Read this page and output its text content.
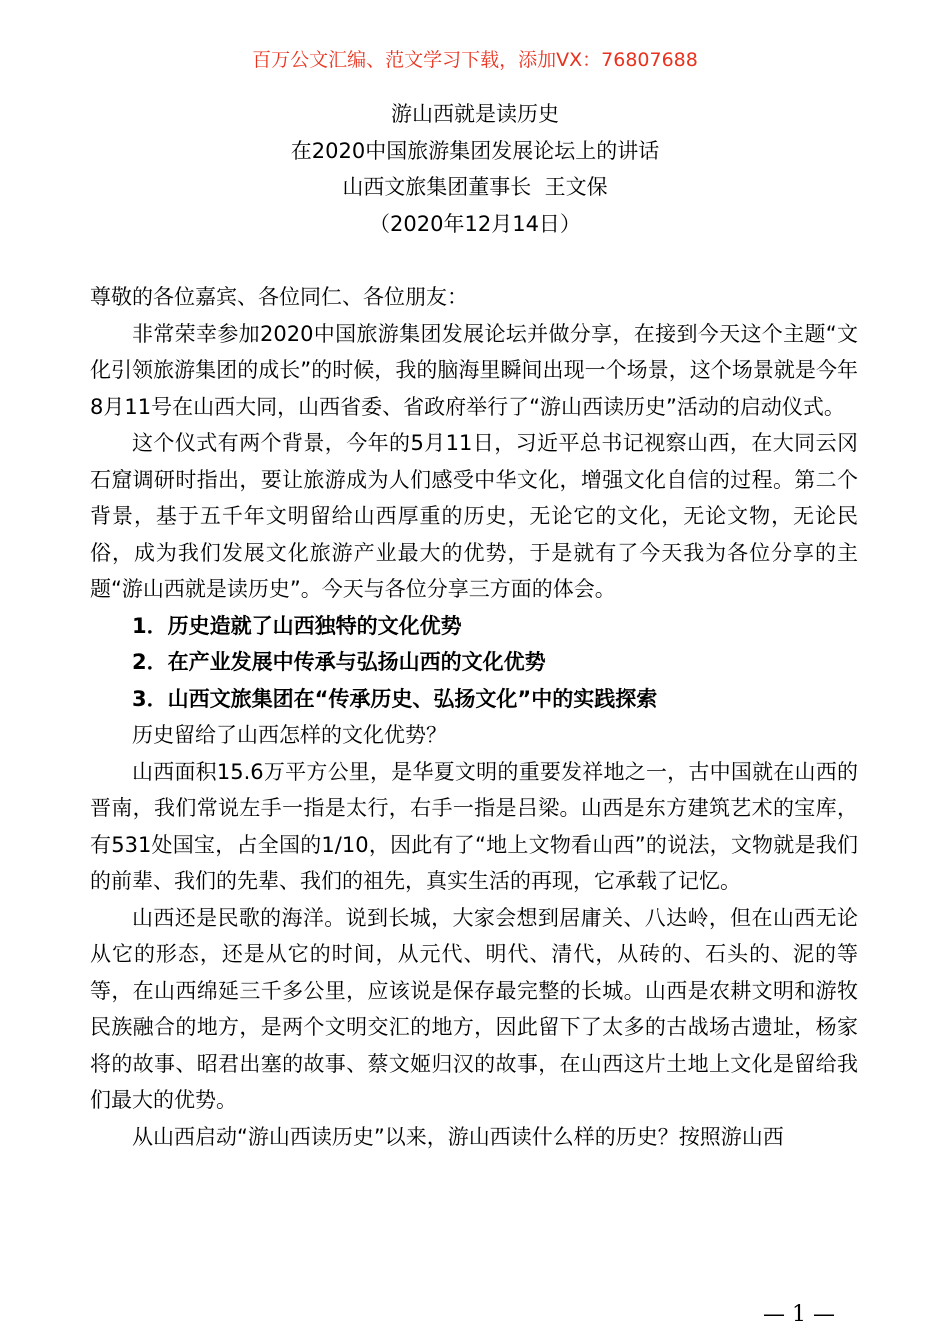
百万公文汇编、范文学习下载，添加VX：76807688
游山西就是读历史
在2020中国旅游集团发展论坛上的讲话
山西文旅集团董事长  王文保
（2020年12月14日）

尊敬的各位嘉宾、各位同仁、各位朋友：

非常荣幸参加2020中国旅游集团发展论坛并做分享，在接到今天这个主题“文化引领旅游集团的成长”的时候，我的脑海里瞬间出现一个场景，这个场景就是今年8月11号在山西大同，山西省委、省政府举行了“游山西读历史”活动的启动仪式。

这个仪式有两个背景，今年的5月11日，习近平总书记视察山西，在大同云冈石窟调研时指出，要让旅游成为人们感受中华文化，增强文化自信的过程。第二个背景，基于五千年文明留给山西厚重的历史，无论它的文化，无论文物，无论民俗，成为我们发展文化旅游产业最大的优势，于是就有了今天我为各位分享的主题“游山西就是读历史”。今天与各位分享三方面的体会。

1．历史造就了山西独特的文化优势

2．在产业发展中传承与弘扬山西的文化优势

3．山西文旅集团在“传承历史、弘扬文化”中的实践探索

历史留给了山西怎样的文化优势？

山西面积15.6万平方公里，是华夏文明的重要发祥地之一，古中国就在山西的晋南，我们常说左手一指是太行，右手一指是吕梁。山西是东方建筑艺术的宝库，有531处国宝，占全国的1/10，因此有了“地上文物看山西”的说法，文物就是我们的前辈、我们的先辈、我们的祖先，真实生活的再现，它承载了记忆。

山西还是民歌的海洋。说到长城，大家会想到居庸关、八达岭，但在山西无论从它的形态，还是从它的时间，从元代、明代、清代，从砖的、石头的、泥的等等，在山西绵延三千多公里，应该说是保存最完整的长城。山西是农耕文明和游牧民族融合的地方，是两个文明交汇的地方，因此留下了太多的古战场古遗址，杨家将的故事、昭君出塞的故事、蔡文姬归汉的故事，在山西这片土地上文化是留给我们最大的优势。

从山西启动“游山西读历史”以来，游山西读什么样的历史？按照游山西

— 1 —
